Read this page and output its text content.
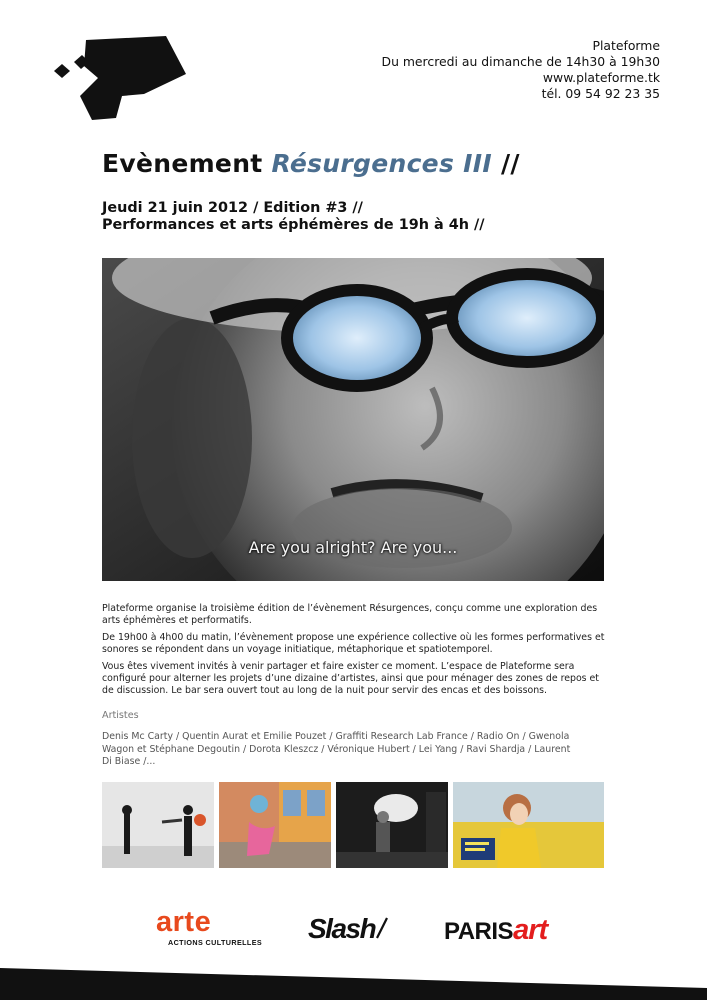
Plateforme
Du mercredi au dimanche de 14h30 à 19h30
www.plateforme.tk
tél. 09 54 92 23 35
Evènement Résurgences III //
Jeudi 21 juin 2012 / Edition #3 //
Performances et arts éphémères de 19h à 4h //
Are you alright? Are you...

Plateforme organise la troisième édition de l’évènement Résurgences, conçu comme une exploration des arts éphémères et performatifs.

De 19h00 à 4h00 du matin, l’évènement propose une expérience collective où les formes performatives et sonores se répondent dans un voyage initiatique, métaphorique et spatiotemporel.

Vous êtes vivement invités à venir partager et faire exister ce moment. L’espace de Plateforme sera configuré pour alterner les projets d’une dizaine d’artistes, ainsi que pour ménager des zones de repos et de discussion. Le bar sera ouvert tout au long de la nuit pour servir des encas et des boissons.

Artistes
Denis Mc Carty / Quentin Aurat et Emilie Pouzet / Graffiti Research Lab France / Radio On / Gwenola Wagon et Stéphane Degoutin / Dorota Kleszcz / Véronique Hubert / Lei Yang / Ravi Shardja / Laurent Di Biase /...
arte
ACTIONS CULTURELLES Slash	PARISart
